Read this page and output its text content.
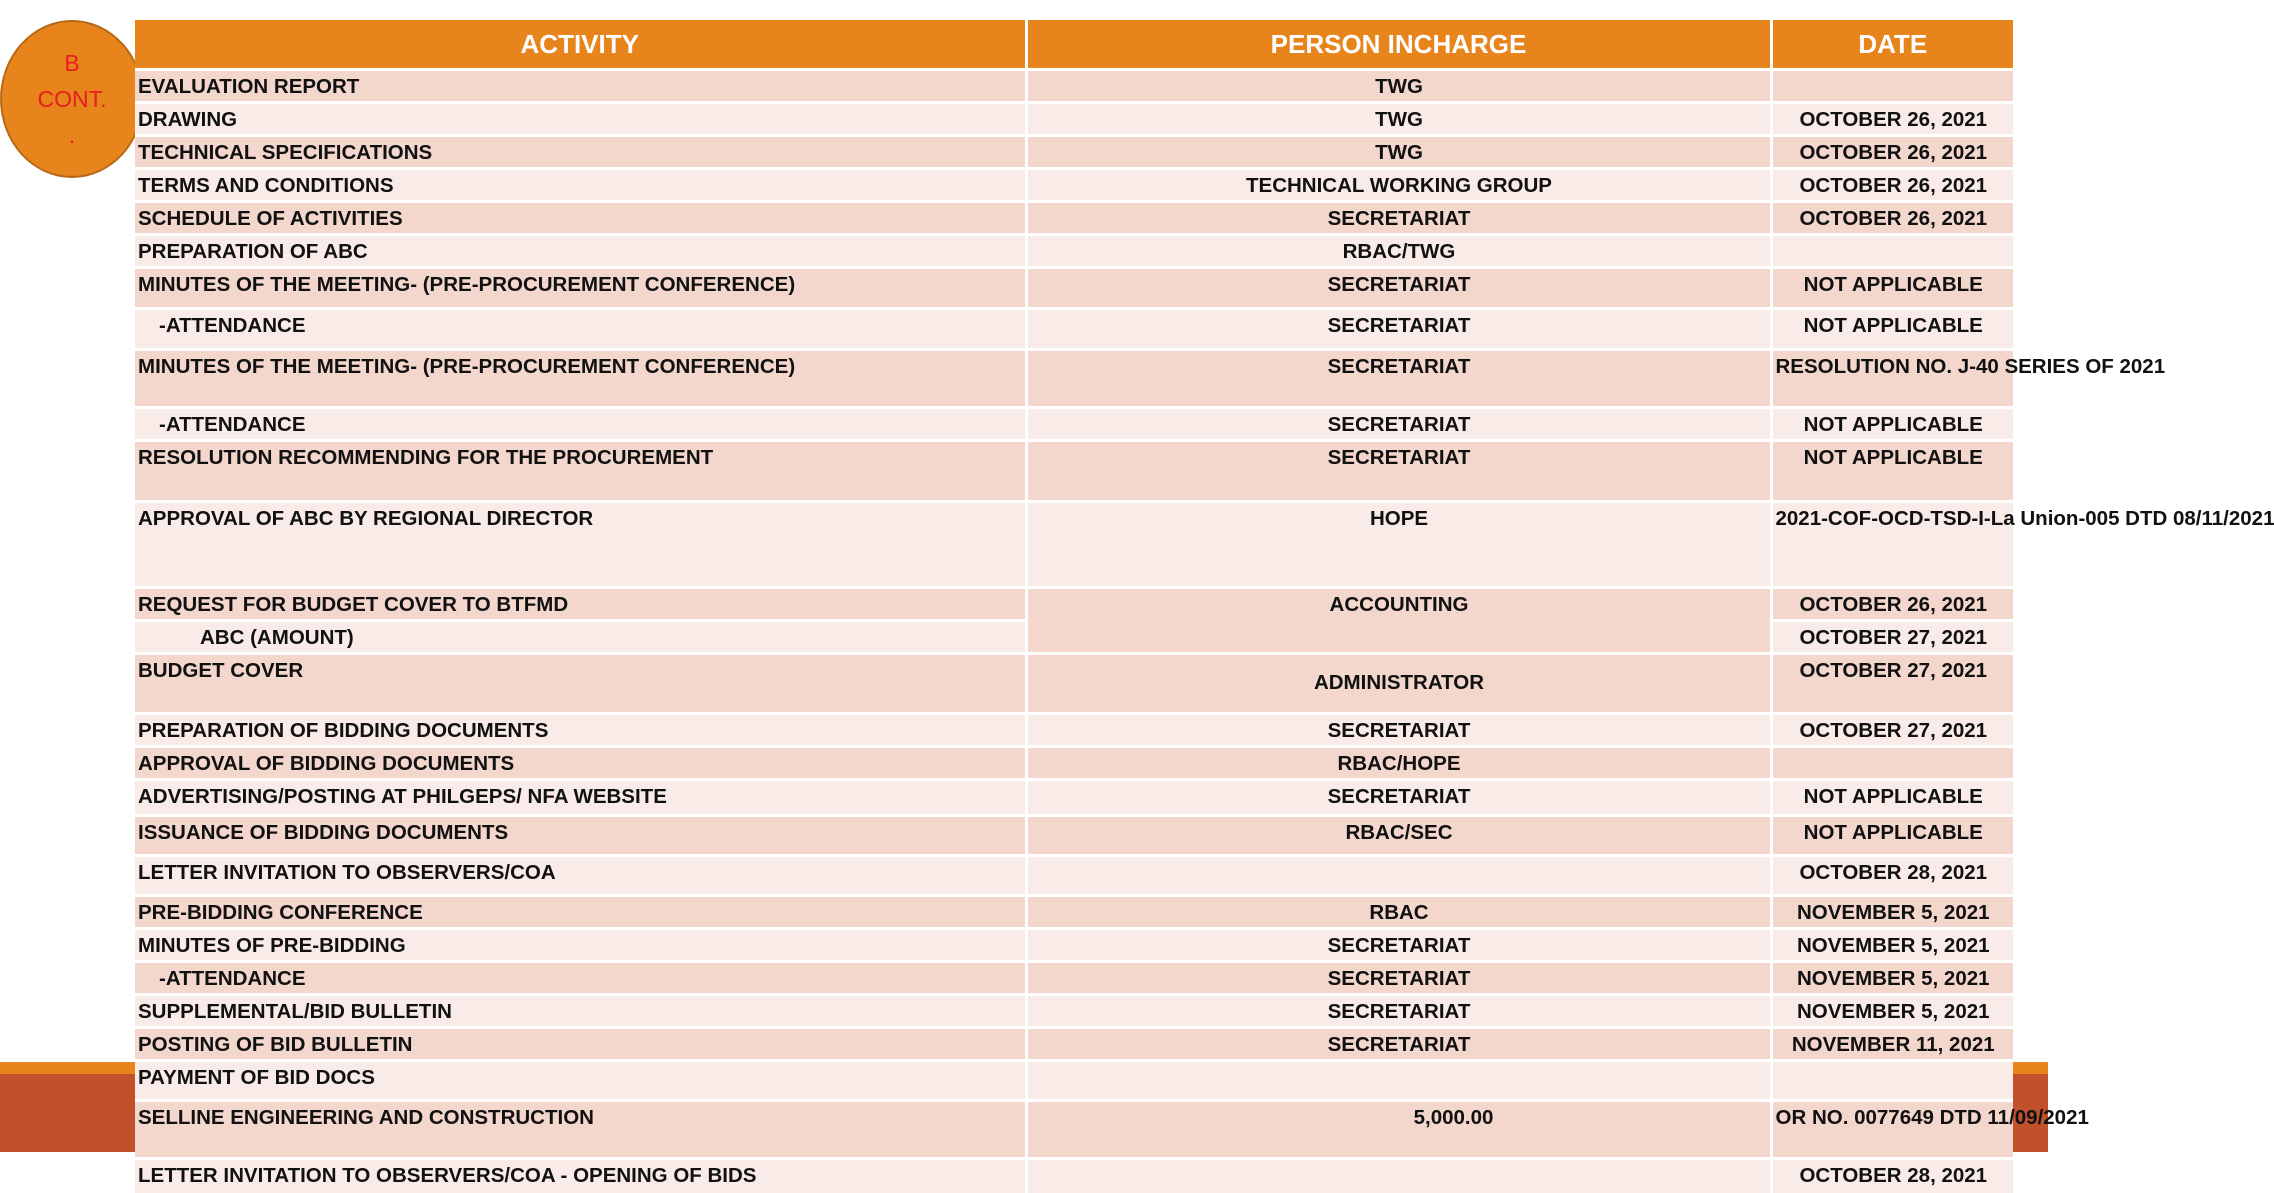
B
CONT.
.
ACTIVITY	PERSON INCHARGE	DATE
EVALUATION REPORT	TWG	
DRAWING	TWG	OCTOBER 26, 2021
TECHNICAL SPECIFICATIONS	TWG	OCTOBER 26, 2021
TERMS AND CONDITIONS	TECHNICAL WORKING GROUP	OCTOBER 26, 2021
SCHEDULE OF ACTIVITIES	SECRETARIAT	OCTOBER 26, 2021
PREPARATION OF ABC	RBAC/TWG	
MINUTES OF THE MEETING- (PRE-PROCUREMENT CONFERENCE)	SECRETARIAT	NOT APPLICABLE
-ATTENDANCE	SECRETARIAT	NOT APPLICABLE
MINUTES OF THE MEETING- (PRE-PROCUREMENT CONFERENCE)	SECRETARIAT	RESOLUTION NO. J-40 SERIES OF 2021
-ATTENDANCE	SECRETARIAT	NOT APPLICABLE
RESOLUTION RECOMMENDING FOR THE PROCUREMENT	SECRETARIAT	NOT APPLICABLE
APPROVAL OF ABC BY REGIONAL DIRECTOR	HOPE	2021-COF-OCD-TSD-I-La Union-005 DTD 08/11/2021
REQUEST FOR BUDGET COVER TO BTFMD	ACCOUNTING	OCTOBER 26, 2021
ABC (AMOUNT)		OCTOBER 27, 2021
BUDGET COVER	ADMINISTRATOR	OCTOBER 27, 2021
PREPARATION OF BIDDING DOCUMENTS	SECRETARIAT	OCTOBER 27, 2021
APPROVAL OF BIDDING DOCUMENTS	RBAC/HOPE	
ADVERTISING/POSTING AT PHILGEPS/ NFA WEBSITE	SECRETARIAT	NOT APPLICABLE
ISSUANCE OF BIDDING DOCUMENTS	RBAC/SEC	NOT APPLICABLE
LETTER INVITATION TO OBSERVERS/COA		OCTOBER 28, 2021
PRE-BIDDING CONFERENCE	RBAC	NOVEMBER 5, 2021
MINUTES OF PRE-BIDDING	SECRETARIAT	NOVEMBER 5, 2021
-ATTENDANCE	SECRETARIAT	NOVEMBER 5, 2021
SUPPLEMENTAL/BID BULLETIN	SECRETARIAT	NOVEMBER 5, 2021
POSTING OF BID BULLETIN	SECRETARIAT	NOVEMBER 11, 2021
PAYMENT OF BID DOCS		
SELLINE ENGINEERING AND CONSTRUCTION	5,000.00	OR NO. 0077649 DTD 11/09/2021
LETTER INVITATION TO OBSERVERS/COA - OPENING OF BIDS		OCTOBER 28, 2021
